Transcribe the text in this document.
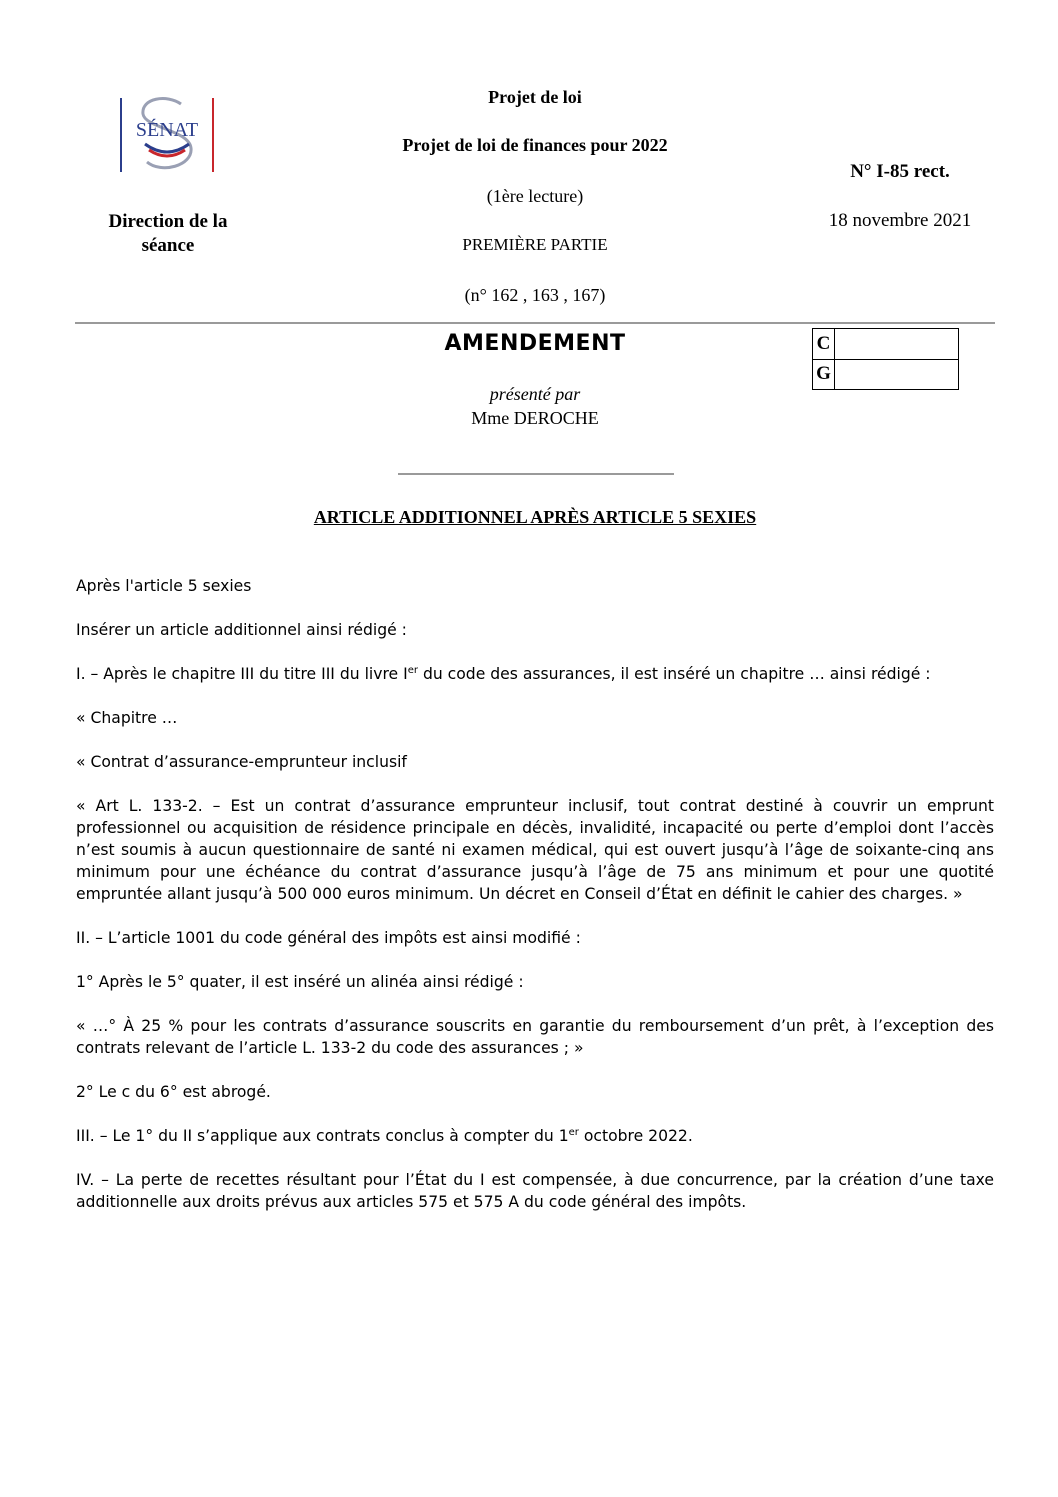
SÉNAT
Direction de la séance
Projet de loi
Projet de loi de finances pour 2022
(1ère lecture)
PREMIÈRE PARTIE
(n° 162 , 163 , 167)
N° I-85 rect.
18 novembre 2021
AMENDEMENT	C
G
présenté par
Mme DEROCHE
ARTICLE ADDITIONNEL APRÈS ARTICLE 5 SEXIES

Après l'article 5 sexies

Insérer un article additionnel ainsi rédigé :

I. – Après le chapitre III du titre III du livre Ier du code des assurances, il est inséré un chapitre … ainsi rédigé :

« Chapitre …

« Contrat d’assurance-emprunteur inclusif

« Art L. 133-2. – Est un contrat d’assurance emprunteur inclusif, tout contrat destiné à couvrir un emprunt professionnel ou acquisition de résidence principale en décès, invalidité, incapacité ou perte d’emploi dont l’accès n’est soumis à aucun questionnaire de santé ni examen médical, qui est ouvert jusqu’à l’âge de soixante-cinq ans minimum pour une échéance du contrat d’assurance jusqu’à l’âge de 75 ans minimum et pour une quotité empruntée allant jusqu’à 500 000 euros minimum. Un décret en Conseil d’État en définit le cahier des charges. »

II. – L’article 1001 du code général des impôts est ainsi modifié :

1° Après le 5° quater, il est inséré un alinéa ainsi rédigé :

« …° À 25 % pour les contrats d’assurance souscrits en garantie du remboursement d’un prêt, à l’exception des contrats relevant de l’article L. 133-2 du code des assurances ; »

2° Le c du 6° est abrogé.

III. – Le 1° du II s’applique aux contrats conclus à compter du 1er octobre 2022.

IV. – La perte de recettes résultant pour l’État du I est compensée, à due concurrence, par la création d’une taxe additionnelle aux droits prévus aux articles 575 et 575 A du code général des impôts.
